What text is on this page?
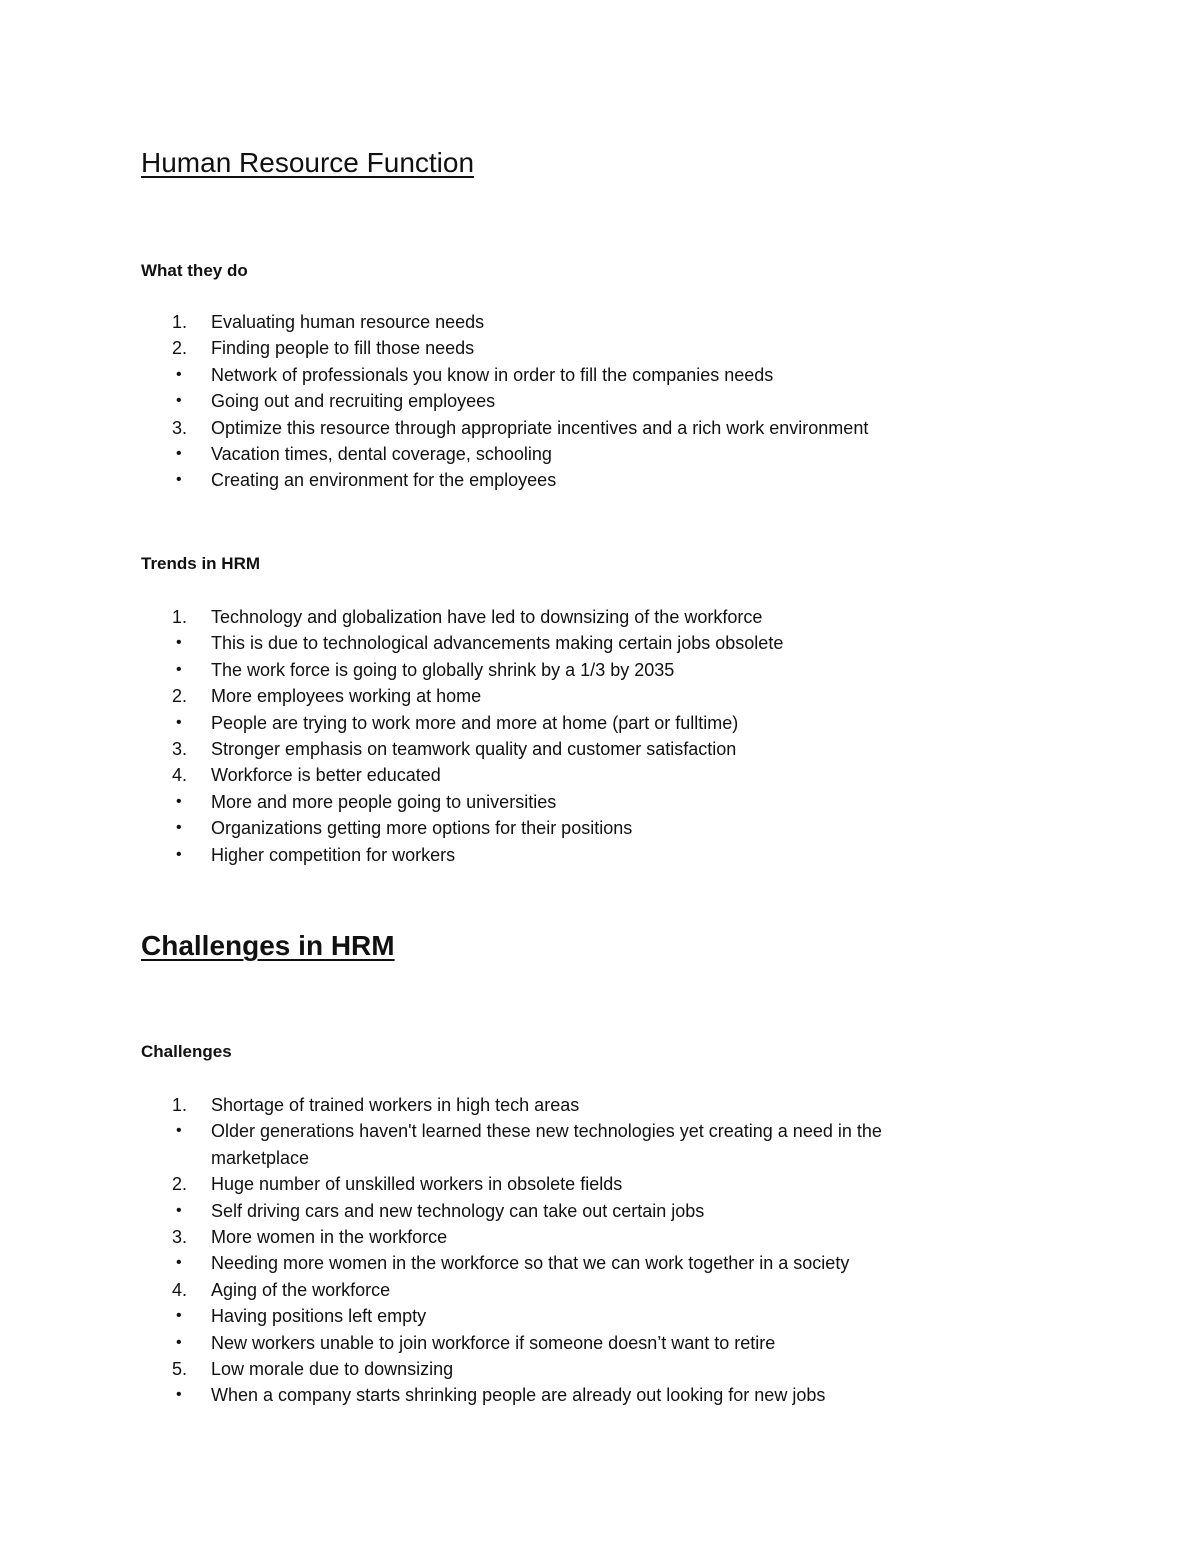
Human Resource Function
What they do
1.	Evaluating human resource needs
2.	Finding people to fill those needs
•	Network of professionals you know in order to fill the companies needs
•	Going out and recruiting employees
3.	Optimize this resource through appropriate incentives and a rich work environment
•	Vacation times, dental coverage, schooling
•	Creating an environment for the employees
Trends in HRM
1.	Technology and globalization have led to downsizing of the workforce
•	This is due to technological advancements making certain jobs obsolete
•	The work force is going to globally shrink by a 1/3 by 2035
2.	More employees working at home
•	People are trying to work more and more at home (part or fulltime)
3.	Stronger emphasis on teamwork quality and customer satisfaction
4.	Workforce is better educated
•	More and more people going to universities
•	Organizations getting more options for their positions
•	Higher competition for workers
Challenges in HRM
Challenges
1.	Shortage of trained workers in high tech areas
•	Older generations haven't learned these new technologies yet creating a need in the
marketplace
2.	Huge number of unskilled workers in obsolete fields
•	Self driving cars and new technology can take out certain jobs
3.	More women in the workforce
•	Needing more women in the workforce so that we can work together in a society
4.	Aging of the workforce
•	Having positions left empty
•	New workers unable to join workforce if someone doesn’t want to retire
5.	Low morale due to downsizing
•	When a company starts shrinking people are already out looking for new jobs
